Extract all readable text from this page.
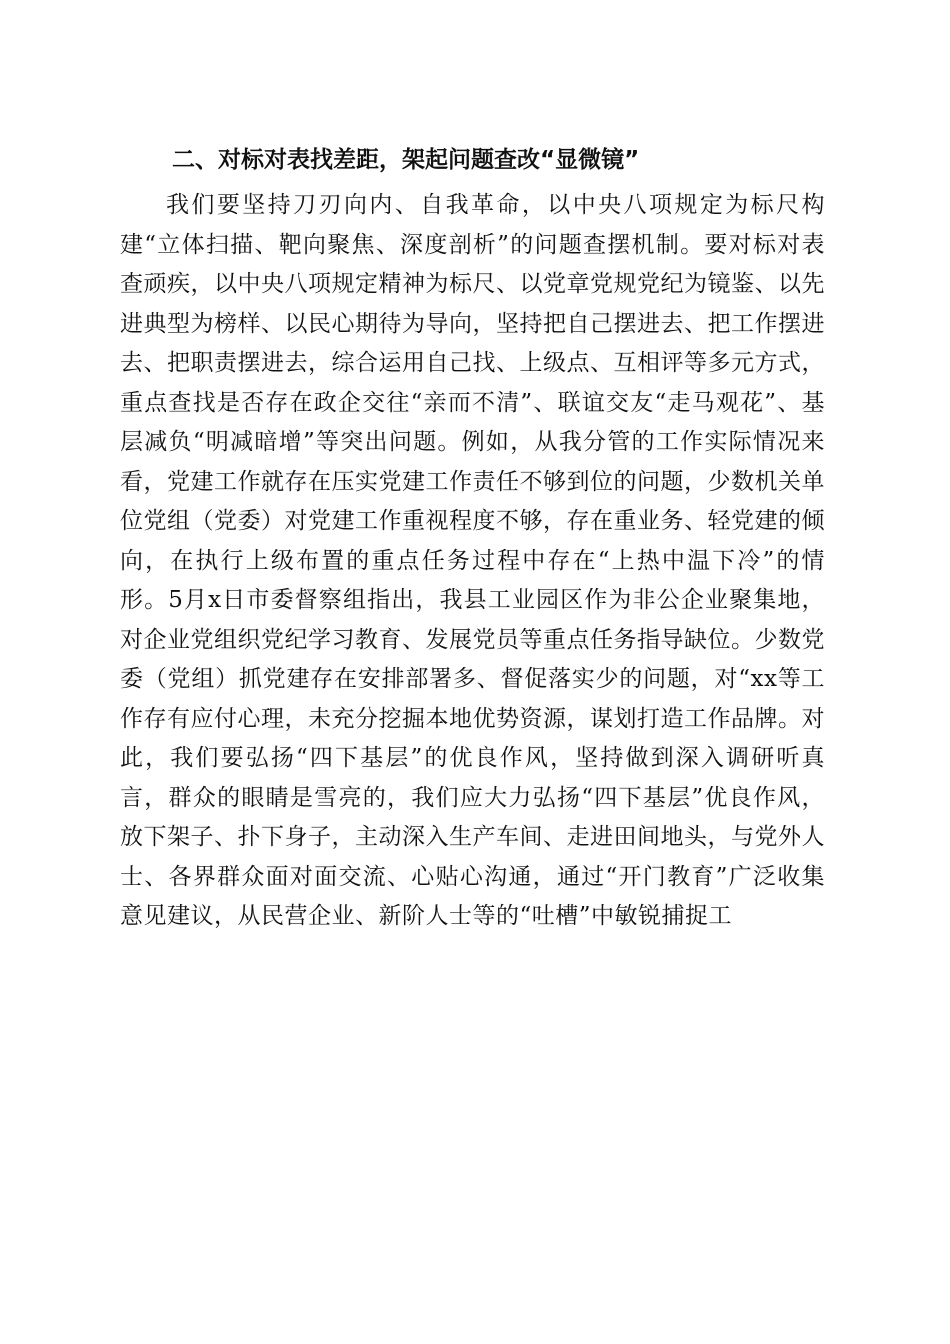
二、对标对表找差距，架起问题查改“显微镜”

我们要坚持刀刃向内、自我革命，以中央八项规定为标尺构建“立体扫描、靶向聚焦、深度剖析”的问题查摆机制。要对标对表查顽疾，以中央八项规定精神为标尺、以党章党规党纪为镜鉴、以先进典型为榜样、以民心期待为导向，坚持把自己摆进去、把工作摆进去、把职责摆进去，综合运用自己找、上级点、互相评等多元方式，重点查找是否存在政企交往“亲而不清”、联谊交友“走马观花”、基层减负“明减暗增”等突出问题。例如，从我分管的工作实际情况来看，党建工作就存在压实党建工作责任不够到位的问题，少数机关单位党组（党委）对党建工作重视程度不够，存在重业务、轻党建的倾向，在执行上级布置的重点任务过程中存在“上热中温下冷”的情形。5月x日市委督察组指出，我县工业园区作为非公企业聚集地，对企业党组织党纪学习教育、发展党员等重点任务指导缺位。少数党委（党组）抓党建存在安排部署多、督促落实少的问题，对“xx等工作存有应付心理，未充分挖掘本地优势资源，谋划打造工作品牌。对此，我们要弘扬“四下基层”的优良作风，坚持做到深入调研听真言，群众的眼睛是雪亮的，我们应大力弘扬“四下基层”优良作风，放下架子、扑下身子，主动深入生产车间、走进田间地头，与党外人士、各界群众面对面交流、心贴心沟通，通过“开门教育”广泛收集意见建议，从民营企业、新阶人士等的“吐槽”中敏锐捕捉工
